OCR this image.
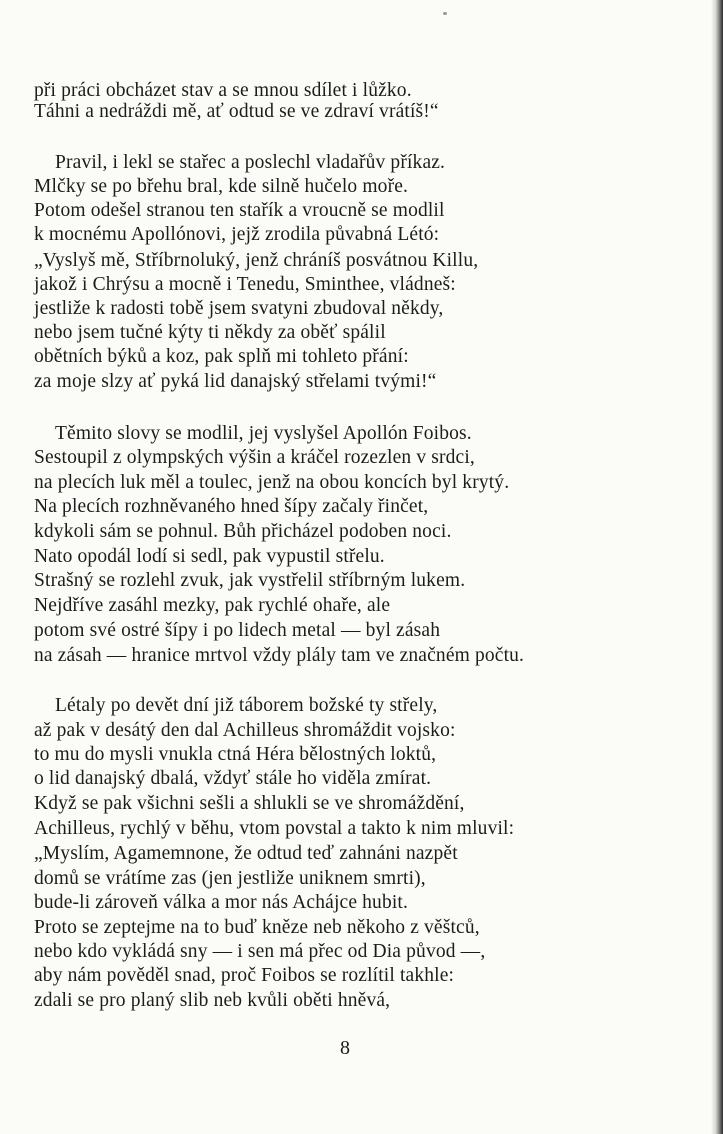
při práci obcházet stav a se mnou sdílet i lůžko.
Táhni a nedráždi mě, ať odtud se ve zdraví vrátíš!“
Pravil, i lekl se stařec a poslechl vladařův příkaz.
Mlčky se po břehu bral, kde silně hučelo moře.
Potom odešel stranou ten stařík a vroucně se modlil
k mocnému Apollónovi, jejž zrodila půvabná Létó:
„Vyslyš mě, Stříbrnoluký, jenž chráníš posvátnou Killu,
jakož i Chrýsu a mocně i Tenedu, Sminthee, vládneš:
jestliže k radosti tobě jsem svatyni zbudoval někdy,
nebo jsem tučné kýty ti někdy za oběť spálil
obětních býků a koz, pak splň mi tohleto přání:
za moje slzy ať pyká lid danajský střelami tvými!“
Těmito slovy se modlil, jej vyslyšel Apollón Foibos.
Sestoupil z olympských výšin a kráčel rozezlen v srdci,
na plecích luk měl a toulec, jenž na obou koncích byl krytý.
Na plecích rozhněvaného hned šípy začaly řinčet,
kdykoli sám se pohnul. Bůh přicházel podoben noci.
Nato opodál lodí si sedl, pak vypustil střelu.
Strašný se rozlehl zvuk, jak vystřelil stříbrným lukem.
Nejdříve zasáhl mezky, pak rychlé ohaře, ale
potom své ostré šípy i po lidech metal — byl zásah
na zásah — hranice mrtvol vždy plály tam ve značném počtu.
Létaly po devět dní již táborem božské ty střely,
až pak v desátý den dal Achilleus shromáždit vojsko:
to mu do mysli vnukla ctná Héra bělostných loktů,
o lid danajský dbalá, vždyť stále ho viděla zmírat.
Když se pak všichni sešli a shlukli se ve shromáždění,
Achilleus, rychlý v běhu, vtom povstal a takto k nim mluvil:
„Myslím, Agamemnone, že odtud teď zahnáni nazpět
domů se vrátíme zas (jen jestliže uniknem smrti),
bude-li zároveň válka a mor nás Achájce hubit.
Proto se zeptejme na to buď kněze neb někoho z věštců,
nebo kdo vykládá sny — i sen má přec od Dia původ —,
aby nám pověděl snad, proč Foibos se rozlítil takhle:
zdali se pro planý slib neb kvůli oběti hněvá,
8
